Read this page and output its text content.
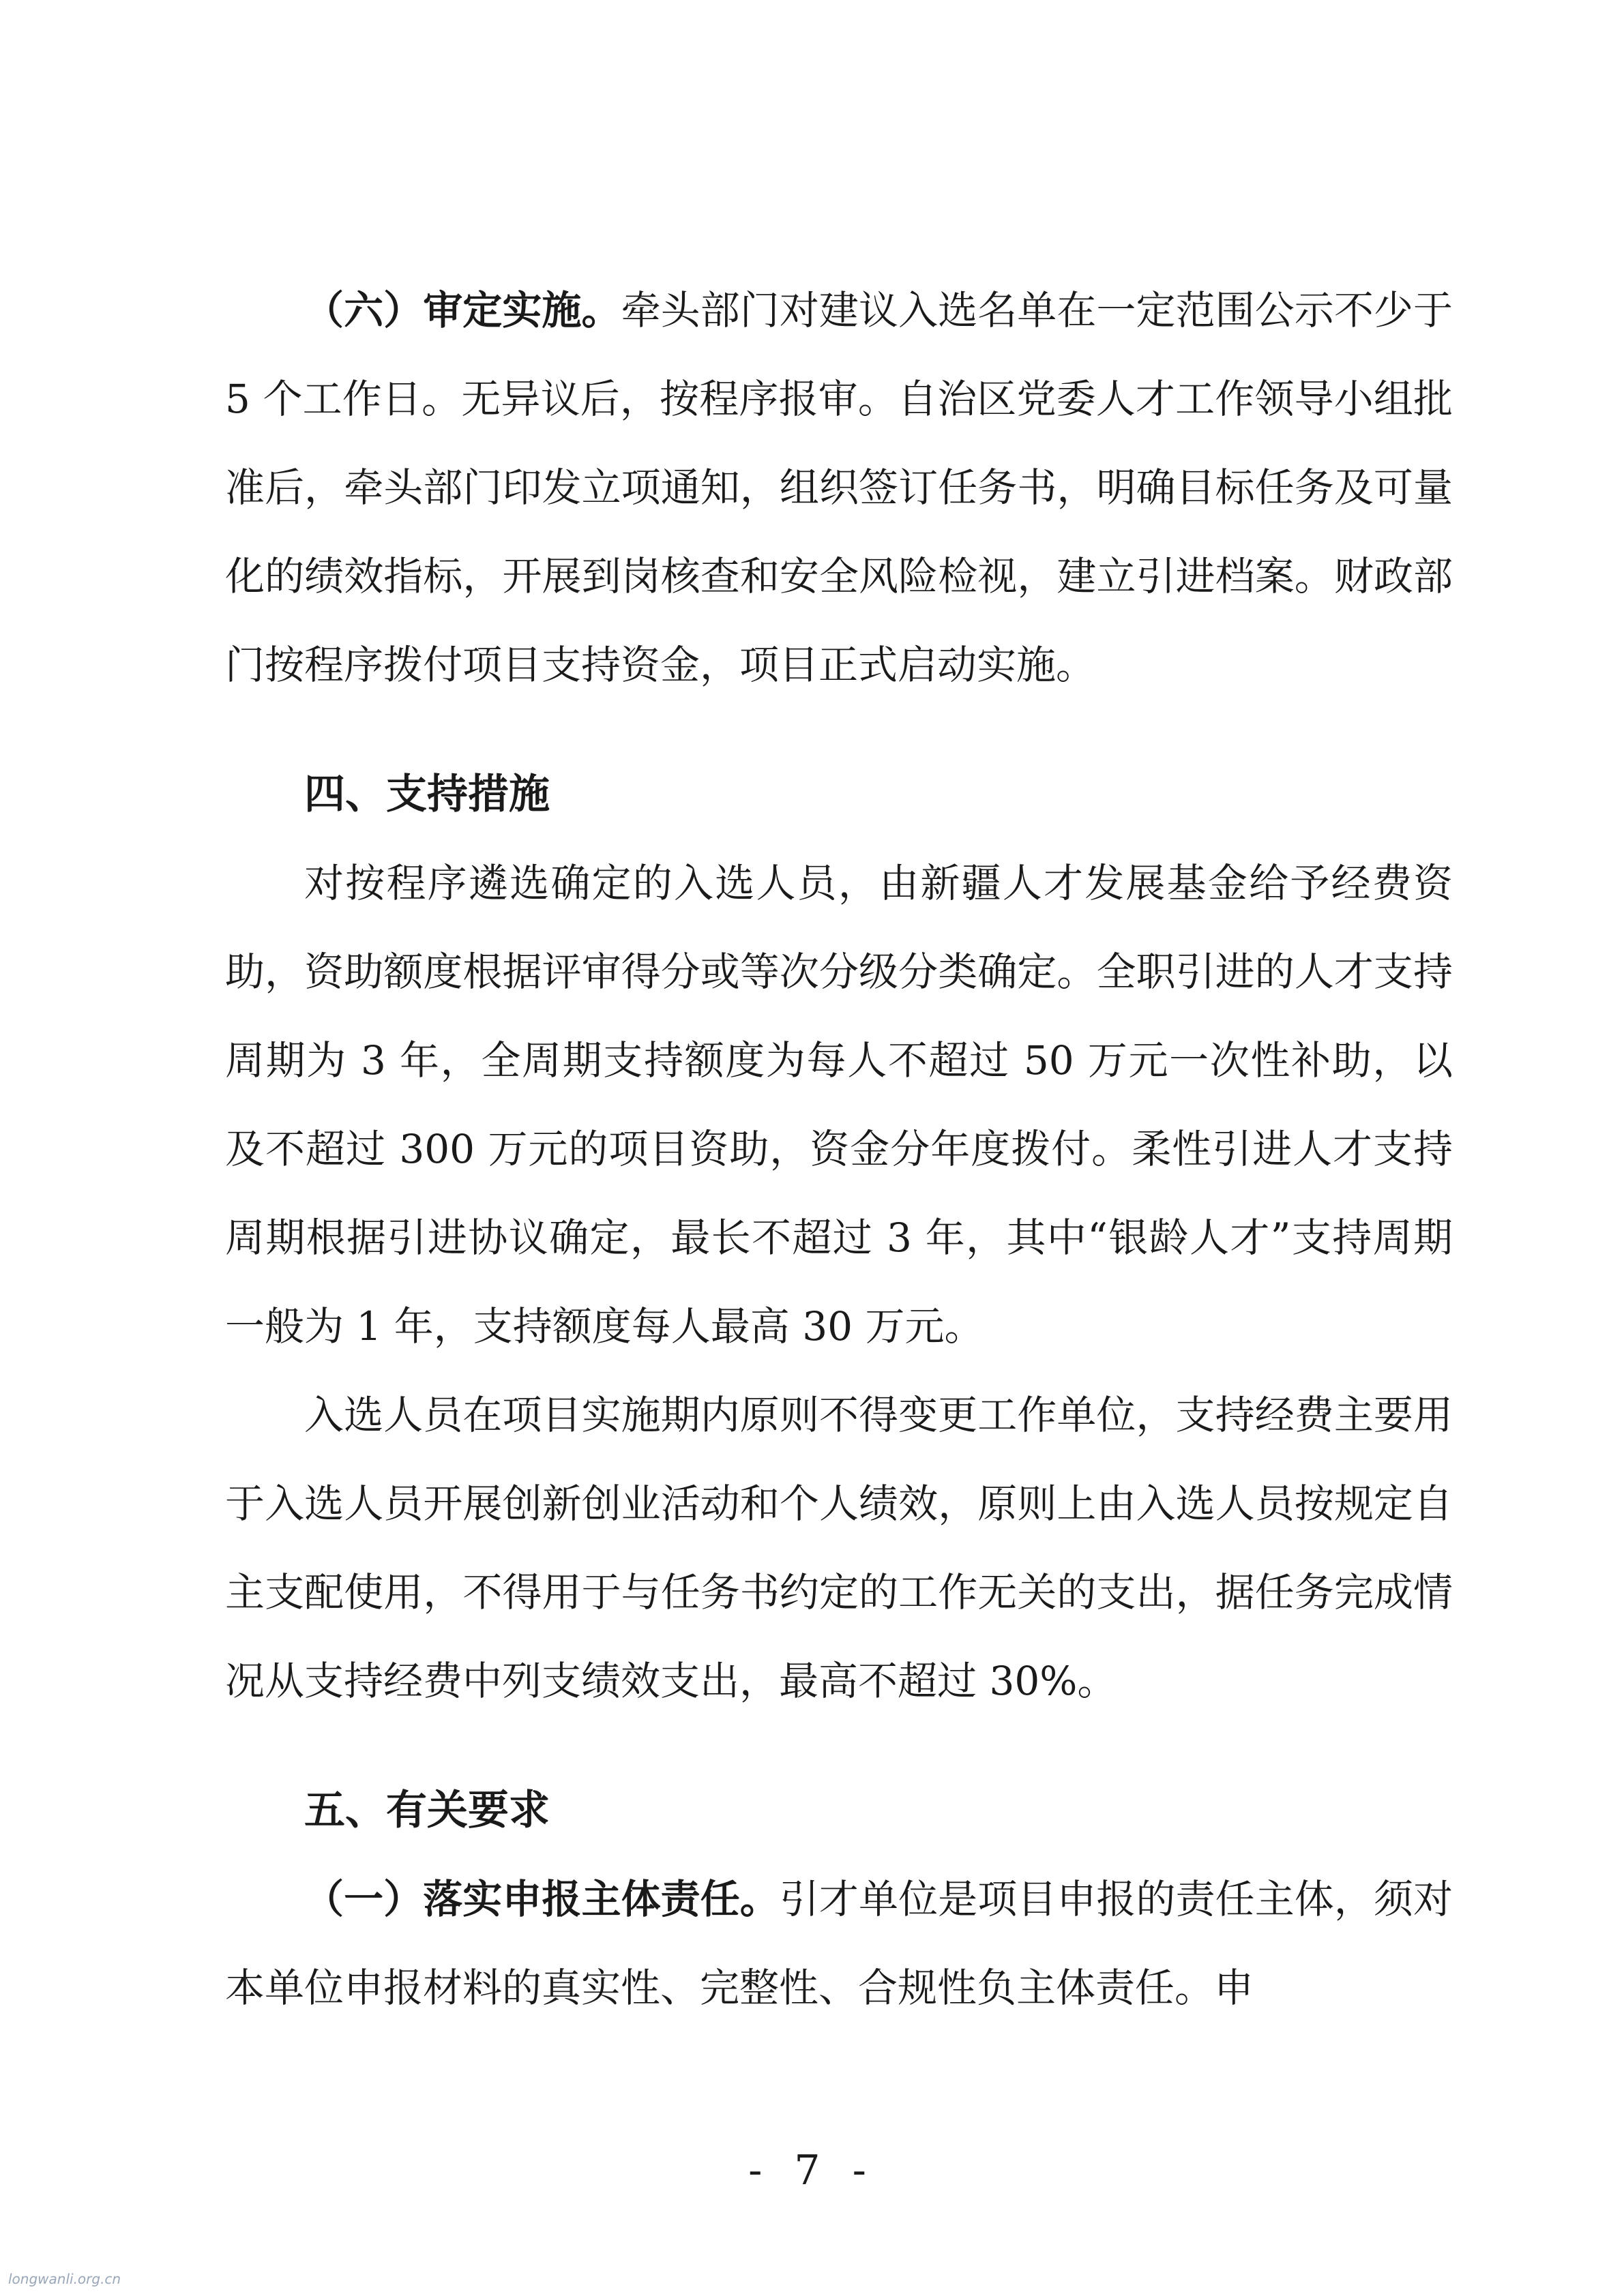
（六）审定实施。牵头部门对建议入选名单在一定范围公示不少于 5 个工作日。无异议后，按程序报审。自治区党委人才工作领导小组批准后，牵头部门印发立项通知，组织签订任务书，明确目标任务及可量化的绩效指标，开展到岗核查和安全风险检视，建立引进档案。财政部门按程序拨付项目支持资金，项目正式启动实施。

四、支持措施

对按程序遴选确定的入选人员，由新疆人才发展基金给予经费资助，资助额度根据评审得分或等次分级分类确定。全职引进的人才支持周期为 3 年，全周期支持额度为每人不超过 50 万元一次性补助，以及不超过 300 万元的项目资助，资金分年度拨付。柔性引进人才支持周期根据引进协议确定，最长不超过 3 年，其中“银龄人才”支持周期一般为 1 年，支持额度每人最高 30 万元。

入选人员在项目实施期内原则不得变更工作单位，支持经费主要用于入选人员开展创新创业活动和个人绩效，原则上由入选人员按规定自主支配使用，不得用于与任务书约定的工作无关的支出，据任务完成情况从支持经费中列支绩效支出，最高不超过 30%。

五、有关要求

（一）落实申报主体责任。引才单位是项目申报的责任主体，须对本单位申报材料的真实性、完整性、合规性负主体责任。申

- 7 -
longwanli.org.cn
